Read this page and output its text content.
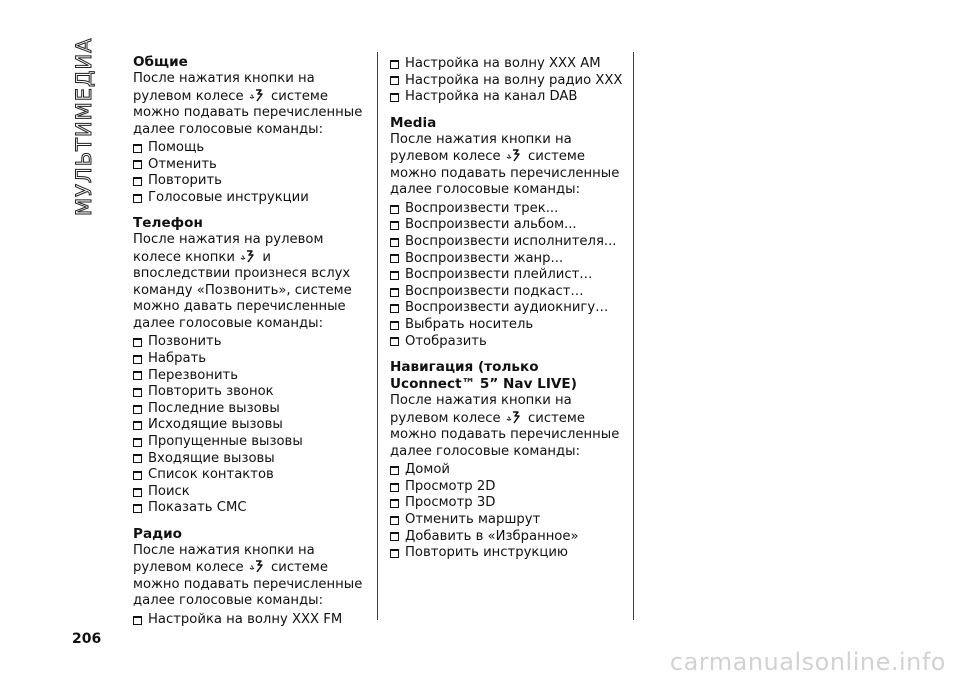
МУЛЬТИМЕДИА	Общие

После нажатия кнопки на рулевом колесе системе можно подавать перечисленные далее голосовые команды:

Помощь
Отменить
Повторить
Голосовые инструкции
Телефон

После нажатия на рулевом колесе кнопки и впоследствии произнеся вслух команду «Позвонить», системе можно давать перечисленные далее голосовые команды:

Позвонить
Набрать
Перезвонить
Повторить звонок
Последние вызовы
Исходящие вызовы
Пропущенные вызовы
Входящие вызовы
Список контактов
Поиск
Показать СМС
Радио

После нажатия кнопки на рулевом колесе системе можно подавать перечисленные далее голосовые команды:

Настройка на волну ХХХ FM
Настройка на волну ХХХ AM
Настройка на волну радио ХХХ
Настройка на канал DAB
Media

После нажатия кнопки на рулевом колесе системе можно подавать перечисленные далее голосовые команды:

Воспроизвести трек...
Воспроизвести альбом...
Воспроизвести исполнителя...
Воспроизвести жанр...
Воспроизвести плейлист…
Воспроизвести подкаст…
Воспроизвести аудиокнигу…
Выбрать носитель
Отобразить
Навигация (только Uconnect™ 5” Nav LIVE)

После нажатия кнопки на рулевом колесе системе можно подавать перечисленные далее голосовые команды:

Домой
Просмотр 2D
Просмотр 3D
Отменить маршрут
Добавить в «Избранное»
Повторить инструкцию
206
carmanualsonline.info
